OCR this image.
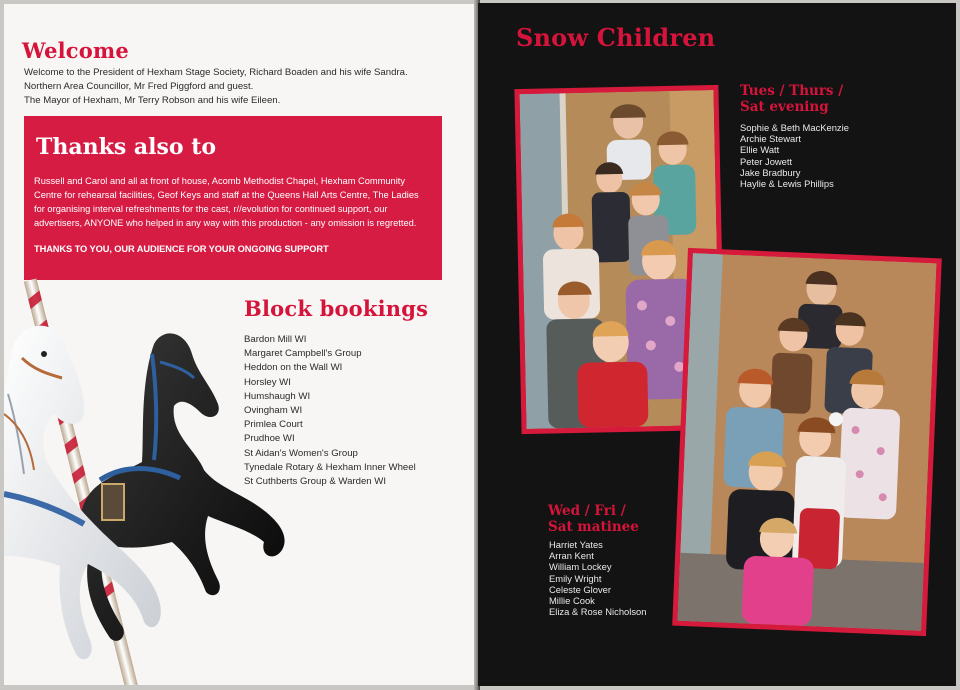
Welcome
Welcome to the President of Hexham Stage Society, Richard Boaden and his wife Sandra.
Northern Area Councillor, Mr Fred Piggford and guest.
The Mayor of Hexham, Mr Terry Robson and his wife Eileen.
Thanks also to
Russell and Carol and all at front of house, Acomb Methodist Chapel, Hexham Community
Centre for rehearsal facilities, Geof Keys and staff at the Queens Hall Arts Centre, The Ladies
for organising interval refreshments for the cast, r//evolution for continued support, our
advertisers, ANYONE who helped in any way with this production - any omission is regretted.
THANKS TO YOU, OUR AUDIENCE FOR YOUR ONGOING SUPPORT
Block bookings
Bardon Mill WI
Margaret Campbell's Group
Heddon on the Wall WI
Horsley WI
Humshaugh WI
Ovingham WI
Primlea Court
Prudhoe WI
St Aidan's Women's Group
Tynedale Rotary & Hexham Inner Wheel
St Cuthberts Group & Warden WI
Snow Children
Tues / Thurs /
Sat evening
Sophie & Beth MacKenzie
Archie Stewart
Ellie Watt
Peter Jowett
Jake Bradbury
Haylie & Lewis Phillips
Wed / Fri /
Sat matinee
Harriet Yates
Arran Kent
William Lockey
Emily Wright
Celeste Glover
Millie Cook
Eliza & Rose Nicholson
